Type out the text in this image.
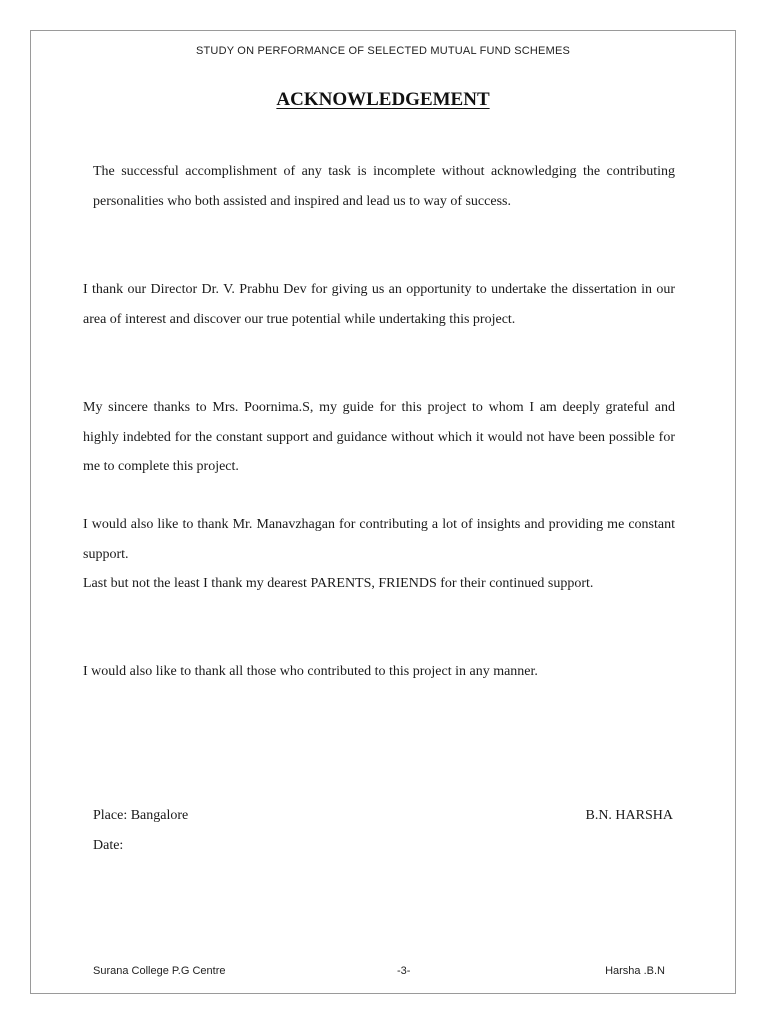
STUDY ON PERFORMANCE OF SELECTED MUTUAL FUND SCHEMES
ACKNOWLEDGEMENT

The successful accomplishment of any task is incomplete without acknowledging the contributing personalities who both assisted and inspired and lead us to way of success.

I thank our Director Dr. V. Prabhu Dev for giving us an opportunity to undertake the dissertation in our area of interest and discover our true potential while undertaking this project.

My sincere thanks to Mrs. Poornima.S, my guide for this project to whom I am deeply grateful and highly indebted for the constant support and guidance without which it would not have been possible for me to complete this project.

I would also like to thank Mr. Manavzhagan for contributing a lot of insights and providing me constant support.

Last but not the least I thank my dearest PARENTS, FRIENDS for their continued support.

I would also like to thank all those who contributed to this project in any manner.

Place: Bangalore
Date:
B.N. HARSHA
Surana College P.G Centre	-3-	Harsha .B.N
